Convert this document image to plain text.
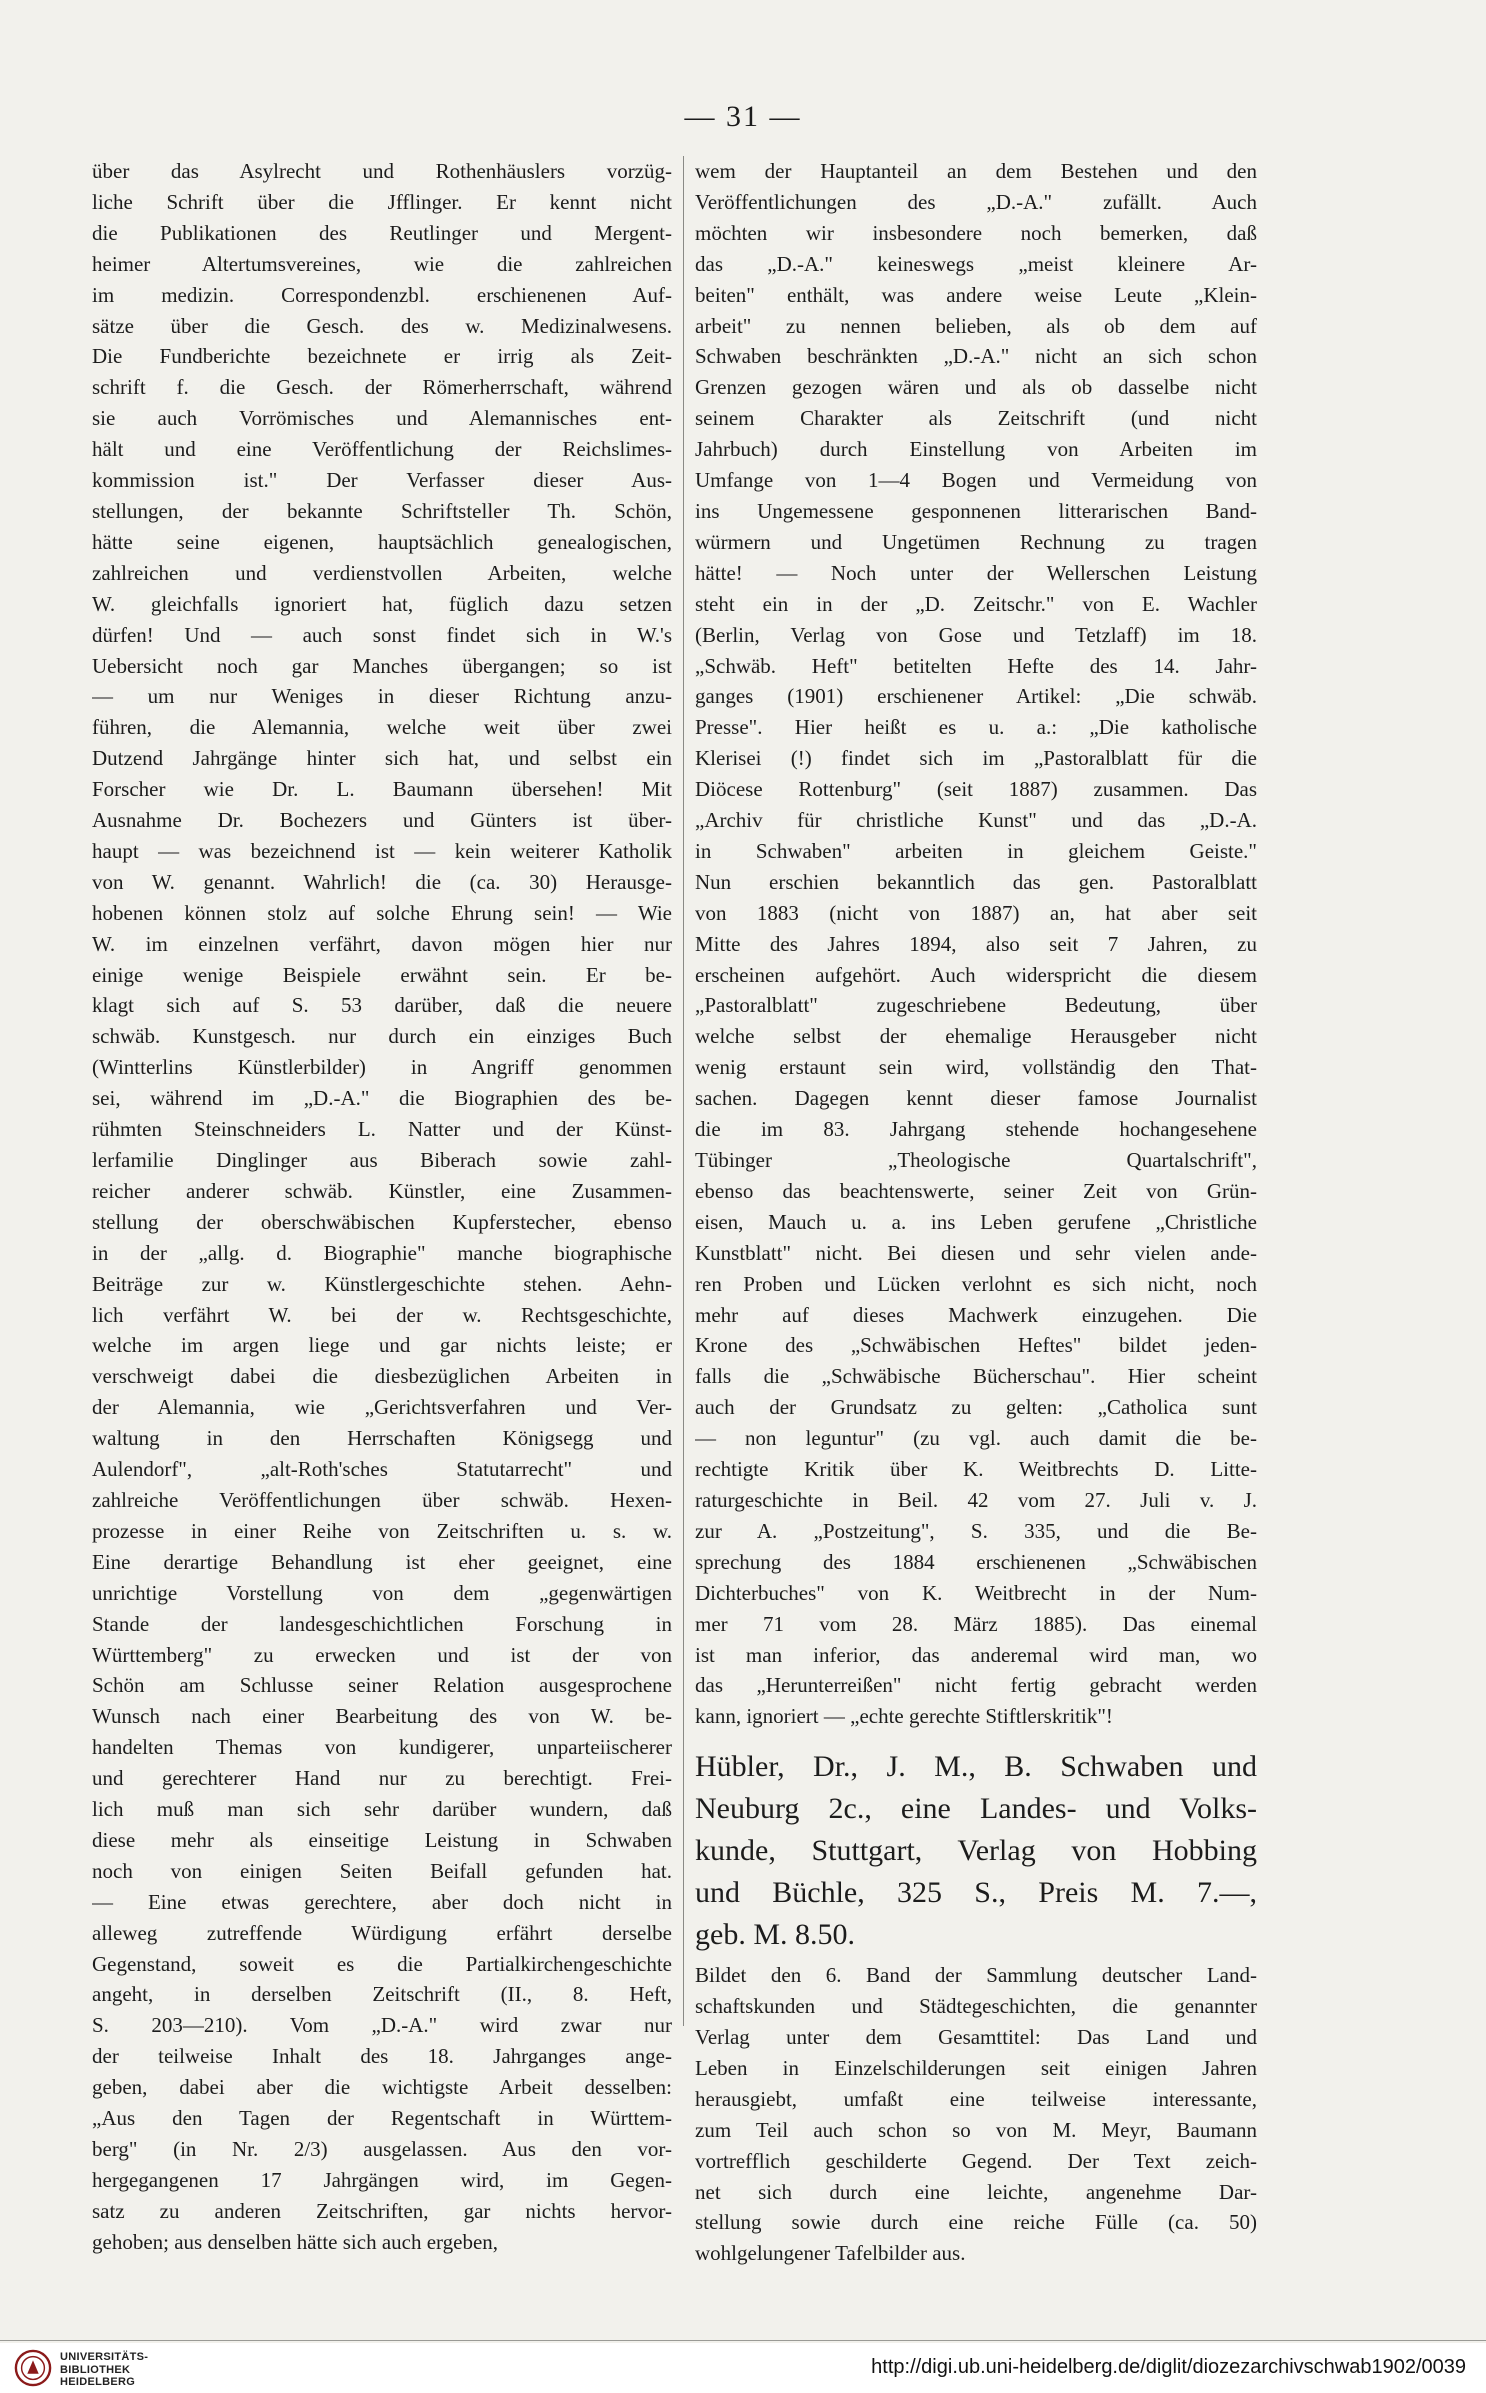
— 31 —
über das Asylrecht und Rothenhäuslers vorzüg-
liche Schrift über die Jfflinger. Er kennt nicht
die Publikationen des Reutlinger und Mergent-
heimer Altertumsvereines, wie die zahlreichen
im medizin. Correspondenzbl. erschienenen Auf-
sätze über die Gesch. des w. Medizinalwesens.
Die Fundberichte bezeichnete er irrig als Zeit-
schrift f. die Gesch. der Römerherrschaft, während
sie auch Vorrömisches und Alemannisches ent-
hält und eine Veröffentlichung der Reichslimes-
kommission ist." Der Verfasser dieser Aus-
stellungen, der bekannte Schriftsteller Th. Schön,
hätte seine eigenen, hauptsächlich genealogischen,
zahlreichen und verdienstvollen Arbeiten, welche
W. gleichfalls ignoriert hat, füglich dazu setzen
dürfen! Und — auch sonst findet sich in W.'s
Uebersicht noch gar Manches übergangen; so ist
— um nur Weniges in dieser Richtung anzu-
führen, die Alemannia, welche weit über zwei
Dutzend Jahrgänge hinter sich hat, und selbst ein
Forscher wie Dr. L. Baumann übersehen! Mit
Ausnahme Dr. Bochezers und Günters ist über-
haupt — was bezeichnend ist — kein weiterer Katholik
von W. genannt. Wahrlich! die (ca. 30) Herausge-
hobenen können stolz auf solche Ehrung sein! — Wie
W. im einzelnen verfährt, davon mögen hier nur
einige wenige Beispiele erwähnt sein. Er be-
klagt sich auf S. 53 darüber, daß die neuere
schwäb. Kunstgesch. nur durch ein einziges Buch
(Wintterlins Künstlerbilder) in Angriff genommen
sei, während im „D.-A." die Biographien des be-
rühmten Steinschneiders L. Natter und der Künst-
lerfamilie Dinglinger aus Biberach sowie zahl-
reicher anderer schwäb. Künstler, eine Zusammen-
stellung der oberschwäbischen Kupferstecher, ebenso
in der „allg. d. Biographie" manche biographische
Beiträge zur w. Künstlergeschichte stehen. Aehn-
lich verfährt W. bei der w. Rechtsgeschichte,
welche im argen liege und gar nichts leiste; er
verschweigt dabei die diesbezüglichen Arbeiten in
der Alemannia, wie „Gerichtsverfahren und Ver-
waltung in den Herrschaften Königsegg und
Aulendorf", „alt-Roth'sches Statutarrecht" und
zahlreiche Veröffentlichungen über schwäb. Hexen-
prozesse in einer Reihe von Zeitschriften u. s. w.
Eine derartige Behandlung ist eher geeignet, eine
unrichtige Vorstellung von dem „gegenwärtigen
Stande der landesgeschichtlichen Forschung in
Württemberg" zu erwecken und ist der von
Schön am Schlusse seiner Relation ausgesprochene
Wunsch nach einer Bearbeitung des von W. be-
handelten Themas von kundigerer, unparteiischerer
und gerechterer Hand nur zu berechtigt. Frei-
lich muß man sich sehr darüber wundern, daß
diese mehr als einseitige Leistung in Schwaben
noch von einigen Seiten Beifall gefunden hat.
— Eine etwas gerechtere, aber doch nicht in
alleweg zutreffende Würdigung erfährt derselbe
Gegenstand, soweit es die Partialkirchengeschichte
angeht, in derselben Zeitschrift (II., 8. Heft,
S. 203—210). Vom „D.-A." wird zwar nur
der teilweise Inhalt des 18. Jahrganges ange-
geben, dabei aber die wichtigste Arbeit desselben:
„Aus den Tagen der Regentschaft in Württem-
berg" (in Nr. 2/3) ausgelassen. Aus den vor-
hergegangenen 17 Jahrgängen wird, im Gegen-
satz zu anderen Zeitschriften, gar nichts hervor-
gehoben; aus denselben hätte sich auch ergeben,
wem der Hauptanteil an dem Bestehen und den
Veröffentlichungen des „D.-A." zufällt. Auch
möchten wir insbesondere noch bemerken, daß
das „D.-A." keineswegs „meist kleinere Ar-
beiten" enthält, was andere weise Leute „Klein-
arbeit" zu nennen belieben, als ob dem auf
Schwaben beschränkten „D.-A." nicht an sich schon
Grenzen gezogen wären und als ob dasselbe nicht
seinem Charakter als Zeitschrift (und nicht
Jahrbuch) durch Einstellung von Arbeiten im
Umfange von 1—4 Bogen und Vermeidung von
ins Ungemessene gesponnenen litterarischen Band-
würmern und Ungetümen Rechnung zu tragen
hätte! — Noch unter der Wellerschen Leistung
steht ein in der „D. Zeitschr." von E. Wachler
(Berlin, Verlag von Gose und Tetzlaff) im 18.
„Schwäb. Heft" betitelten Hefte des 14. Jahr-
ganges (1901) erschienener Artikel: „Die schwäb.
Presse". Hier heißt es u. a.: „Die katholische
Klerisei (!) findet sich im „Pastoralblatt für die
Diöcese Rottenburg" (seit 1887) zusammen. Das
„Archiv für christliche Kunst" und das „D.-A.
in Schwaben" arbeiten in gleichem Geiste."
Nun erschien bekanntlich das gen. Pastoralblatt
von 1883 (nicht von 1887) an, hat aber seit
Mitte des Jahres 1894, also seit 7 Jahren, zu
erscheinen aufgehört. Auch widerspricht die diesem
„Pastoralblatt" zugeschriebene Bedeutung, über
welche selbst der ehemalige Herausgeber nicht
wenig erstaunt sein wird, vollständig den That-
sachen. Dagegen kennt dieser famose Journalist
die im 83. Jahrgang stehende hochangesehene
Tübinger „Theologische Quartalschrift",
ebenso das beachtenswerte, seiner Zeit von Grün-
eisen, Mauch u. a. ins Leben gerufene „Christliche
Kunstblatt" nicht. Bei diesen und sehr vielen ande-
ren Proben und Lücken verlohnt es sich nicht, noch
mehr auf dieses Machwerk einzugehen. Die
Krone des „Schwäbischen Heftes" bildet jeden-
falls die „Schwäbische Bücherschau". Hier scheint
auch der Grundsatz zu gelten: „Catholica sunt
— non leguntur" (zu vgl. auch damit die be-
rechtigte Kritik über K. Weitbrechts D. Litte-
raturgeschichte in Beil. 42 vom 27. Juli v. J.
zur A. „Postzeitung", S. 335, und die Be-
sprechung des 1884 erschienenen „Schwäbischen
Dichterbuches" von K. Weitbrecht in der Num-
mer 71 vom 28. März 1885). Das einemal
ist man inferior, das anderemal wird man, wo
das „Herunterreißen" nicht fertig gebracht werden
kann, ignoriert — „echte gerechte Stiftlerskritik"!
Hübler, Dr., J. M., B. Schwaben und
Neuburg 2c., eine Landes- und Volks-
kunde, Stuttgart, Verlag von Hobbing
und Büchle, 325 S., Preis M. 7.—,
geb. M. 8.50.
Bildet den 6. Band der Sammlung deutscher Land-
schaftskunden und Städtegeschichten, die genannter
Verlag unter dem Gesamttitel: Das Land und
Leben in Einzelschilderungen seit einigen Jahren
herausgiebt, umfaßt eine teilweise interessante,
zum Teil auch schon so von M. Meyr, Baumann
vortrefflich geschilderte Gegend. Der Text zeich-
net sich durch eine leichte, angenehme Dar-
stellung sowie durch eine reiche Fülle (ca. 50)
wohlgelungener Tafelbilder aus.
UNIVERSITÄTS-
BIBLIOTHEK
HEIDELBERG
http://digi.ub.uni-heidelberg.de/diglit/diozezarchivschwab1902/0039
